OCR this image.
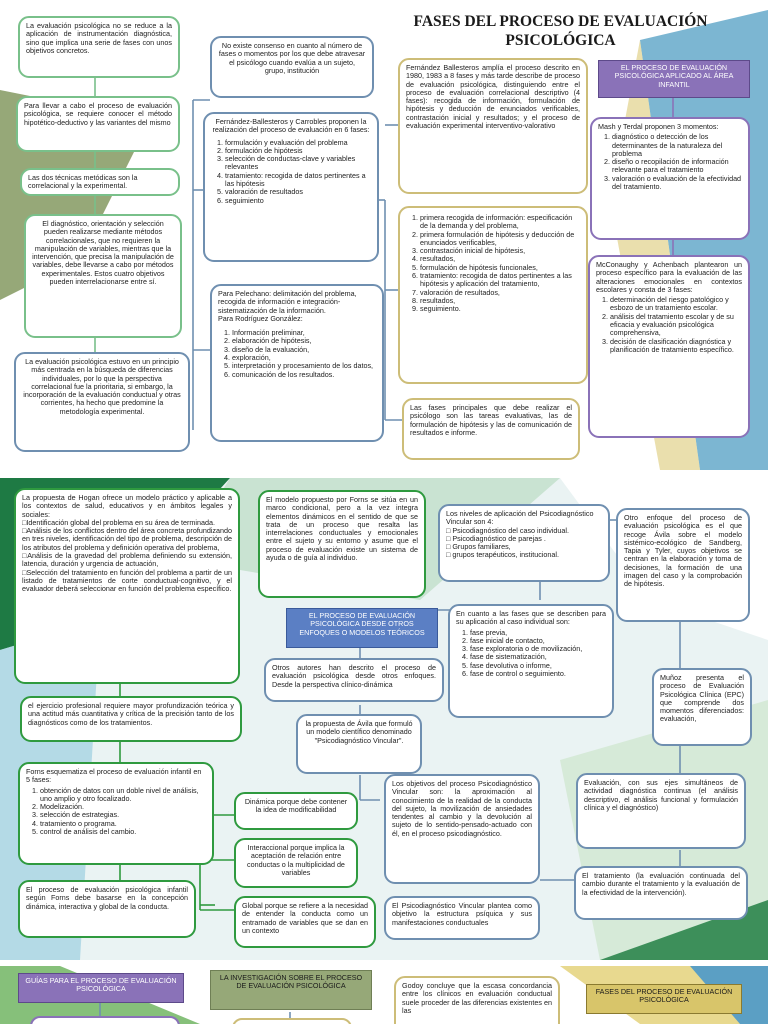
FASES DEL PROCESO DE EVALUACIÓN PSICOLÓGICA
La evaluación psicológica no se reduce a la aplicación de instrumentación diagnóstica, sino que implica una serie de fases con unos objetivos concretos.
Para llevar a cabo el proceso de evaluación psicológica, se requiere conocer el método hipotético-deductivo y las variantes del mismo
Las dos técnicas metódicas son la correlacional y la experimental.
El diagnóstico, orientación y selección pueden realizarse mediante métodos correlacionales, que no requieren la manipulación de variables, mientras que la intervención, que precisa la manipulación de variables, debe llevarse a cabo por métodos experimentales. Estos cuatro objetivos pueden interrelacionarse entre sí.
La evaluación psicológica estuvo en un principio más centrada en la búsqueda de diferencias individuales, por lo que la perspectiva correlacional fue la prioritaria, si embargo, la incorporación de la evaluación conductual y otras corrientes, ha hecho que predomine la metodología experimental.
No existe consenso en cuanto al número de fases o momentos por los que debe atravesar el psicólogo cuando evalúa a un sujeto, grupo, institución
Fernández-Ballesteros y Carrobles proponen la realización del proceso de evaluación en 6 fases:
1. formulación y evaluación del problema
2. formulación de hipótesis
3. selección de conductas-clave y variables relevantes
4. tratamiento: recogida de datos pertinentes a las hipótesis
5. valoración de resultados
6. seguimiento
Para Pelechano: delimitación del problema, recogida de información e integración-sistematización de la información.
Para Rodríguez González:
1. Información preliminar,
2. elaboración de hipótesis,
3. diseño de la evaluación,
4. exploración,
5. interpretación y procesamiento de los datos,
6. comunicación de los resultados.
Fernández Ballesteros amplía el proceso descrito en 1980, 1983 a 8 fases y más tarde describe de proceso de evaluación psicológica, distinguiendo entre el proceso de evaluación correlacional descriptivo (4 fases): recogida de información, formulación de hipótesis y deducción de enunciados verificables, contrastación inicial y resultados; y el proceso de evaluación experimental interventivo-valorativo
1. primera recogida de información: especificación de la demanda y del problema,
2. primera formulación de hipótesis y deducción de enunciados verificables,
3. contrastación inicial de hipótesis,
4. resultados,
5. formulación de hipótesis funcionales,
6. tratamiento: recogida de datos pertinentes a las hipótesis y aplicación del tratamiento,
7. valoración de resultados,
8. resultados,
9. seguimiento.
Las fases principales que debe realizar el psicólogo son las tareas evaluativas, las de formulación de hipótesis y las de comunicación de resultados e informe.
EL PROCESO DE EVALUACIÓN PSICOLÓGICA APLICADO AL ÁREA INFANTIL
Mash y Terdal proponen 3 momentos:
1. diagnóstico o detección de los determinantes de la naturaleza del problema
2. diseño o recopilación de información relevante para el tratamiento
3. valoración o evaluación de la efectividad del tratamiento.
McConaughy y Achenbach plantearon un proceso específico para la evaluación de las alteraciones emocionales en contextos escolares y consta de 3 fases:
1. determinación del riesgo patológico y esbozo de un tratamiento escolar.
2. análisis del tratamiento escolar y de su eficacia y evaluación psicológica comprehensiva,
3. decisión de clasificación diagnóstica y planificación de tratamiento específico.
La propuesta de Hogan ofrece un modelo práctico y aplicable a los contextos de salud, educativos y en ámbitos legales y sociales:
□Identificación global del problema en su área de terminada.
□Análisis de los conflictos dentro del área concreta profundizando en tres niveles, identificación del tipo de problema, descripción de los atributos del problema y definición operativa del problema,
□Análisis de la gravedad del problema definiendo su extensión, latencia, duración y urgencia de actuación,
□Selección del tratamiento en función del problema a partir de un listado de tratamientos de corte conductual-cognitivo, y el evaluador deberá seleccionar en función del problema específico.
el ejercicio profesional requiere mayor profundización teórica y una actitud más cuantitativa y crítica de la precisión tanto de los diagnósticos como de los tratamientos.
Forns esquematiza el proceso de evaluación infantil en 5 fases:
1. obtención de datos con un doble nivel de análisis, uno amplio y otro focalizado.
2. Modelización.
3. selección de estrategias.
4. tratamiento o programa.
5. control de análisis del cambio.
El proceso de evaluación psicológica infantil según Forns debe basarse en la concepción dinámica, interactiva y global de la conducta.
El modelo propuesto por Forns se sitúa en un marco condicional, pero a la vez integra elementos dinámicos en el sentido de que se trata de un proceso que resalta las interrelaciones conductuales y emocionales entre el sujeto y su entorno y asume que el proceso de evaluación existe un sistema de ayuda o de guía al individuo.
EL PROCESO DE EVALUACIÓN PSICOLÓGICA DESDE OTROS ENFOQUES O MODELOS TEÓRICOS
Otros autores han descrito el proceso de evaluación psicológica desde otros enfoques. Desde la perspectiva clínico-dinámica
la propuesta de Ávila que formuló un modelo científico denominado "Psicodiagnóstico Vincular".
Dinámica porque debe contener la idea de modificabilidad
Interaccional porque implica la aceptación de relación entre conductas o la multiplicidad de variables
Global porque se refiere a la necesidad de entender la conducta como un entramado de variables que se dan en un contexto
Los niveles de aplicación del Psicodiagnóstico Vincular son 4:
□ Psicodiagnóstico del caso individual.
□ Psicodiagnóstico de parejas .
□ Grupos familiares,
□ grupos terapéuticos, institucional.
En cuanto a las fases que se describen para su aplicación al caso individual son:
1. fase previa,
2. fase inicial de contacto,
3. fase exploratoria o de movilización,
4. fase de sistematización,
5. fase devolutiva o informe,
6. fase de control o seguimiento.
Los objetivos del proceso Psicodiagnóstico Vincular son: la aproximación al conocimiento de la realidad de la conducta del sujeto, la movilización de ansiedades tendentes al cambio y la devolución al sujeto de lo sentido-pensado-actuado con él, en el proceso psicodiagnóstico.
El Psicodiagnóstico Vincular plantea como objetivo la estructura psíquica y sus manifestaciones conductuales
Otro enfoque del proceso de evaluación psicológica es el que recoge Ávila sobre el modelo sistémico-ecológico de Sandberg, Tapia y Tyler, cuyos objetivos se centran en la elaboración y toma de decisiones, la formación de una imagen del caso y la comprobación de hipótesis.
Muñoz presenta el proceso de Evaluación Psicológica Clínica (EPC) que comprende dos momentos diferenciados: evaluación,
Evaluación, con sus ejes simultáneos de actividad diagnóstica continua (el análisis descriptivo, el análisis funcional y formulación clínica y el diagnóstico)
El tratamiento (la evaluación continuada del cambio durante el tratamiento y la evaluación de la efectividad de la intervención).
GUÍAS PARA EL PROCESO DE EVALUACIÓN PSICOLÓGICA
LA INVESTIGACIÓN SOBRE EL PROCESO DE EVALUACIÓN PSICOLÓGICA	Godoy concluye que la escasa concordancia entre los clínicos en evaluación conductual suele proceder de las diferencias existentes en las
FASES DEL PROCESO DE EVALUACIÓN PSICOLÓGICA
